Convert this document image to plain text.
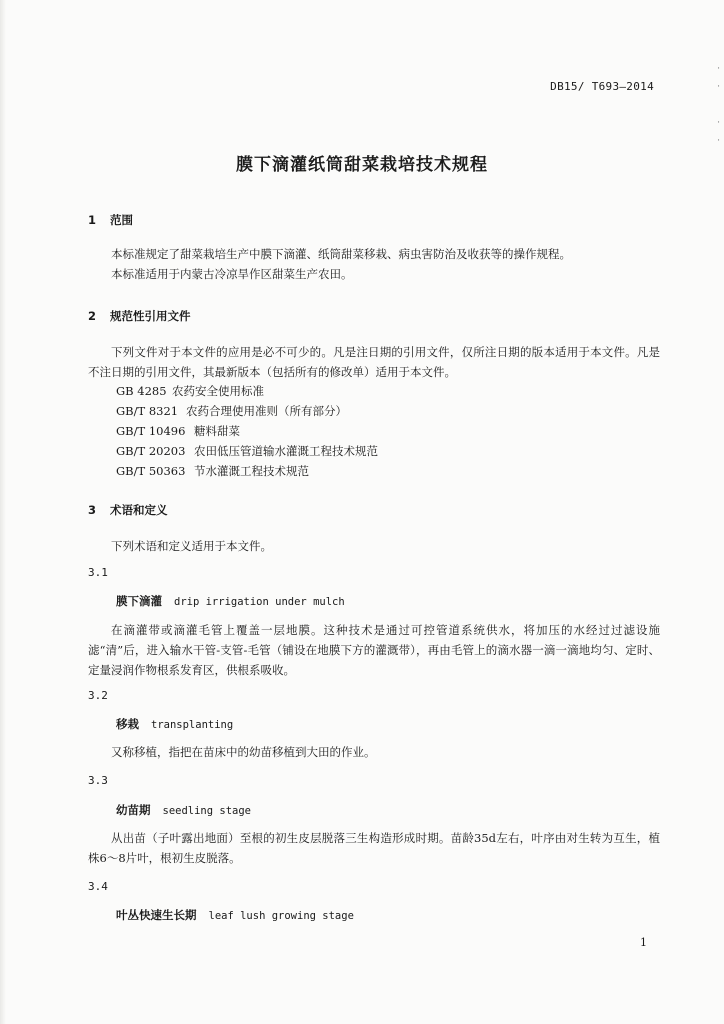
·
·

·
·
DB15/ T693—2014
膜下滴灌纸筒甜菜栽培技术规程
1 范围
本标准规定了甜菜栽培生产中膜下滴灌、纸筒甜菜移栽、病虫害防治及收获等的操作规程。
本标准适用于内蒙古冷凉旱作区甜菜生产农田。
2 规范性引用文件
下列文件对于本文件的应用是必不可少的。凡是注日期的引用文件，仅所注日期的版本适用于本文件。凡是不注日期的引用文件，其最新版本（包括所有的修改单）适用于本文件。
GB 4285 农药安全使用标准
GB/T 8321 农药合理使用准则（所有部分）
GB/T 10496 糖料甜菜
GB/T 20203 农田低压管道输水灌溉工程技术规范
GB/T 50363 节水灌溉工程技术规范
3 术语和定义
下列术语和定义适用于本文件。
3.1
膜下滴灌 drip irrigation under mulch
在滴灌带或滴灌毛管上覆盖一层地膜。这种技术是通过可控管道系统供水，将加压的水经过过滤设施滤“清”后，进入输水干管-支管-毛管（铺设在地膜下方的灌溉带），再由毛管上的滴水器一滴一滴地均匀、定时、定量浸润作物根系发育区，供根系吸收。
3.2
移栽 transplanting
又称移植，指把在苗床中的幼苗移植到大田的作业。
3.3
幼苗期 seedling stage
从出苗（子叶露出地面）至根的初生皮层脱落三生构造形成时期。苗龄35d左右，叶序由对生转为互生，植株6～8片叶，根初生皮脱落。
3.4
叶丛快速生长期 leaf lush growing stage
1
